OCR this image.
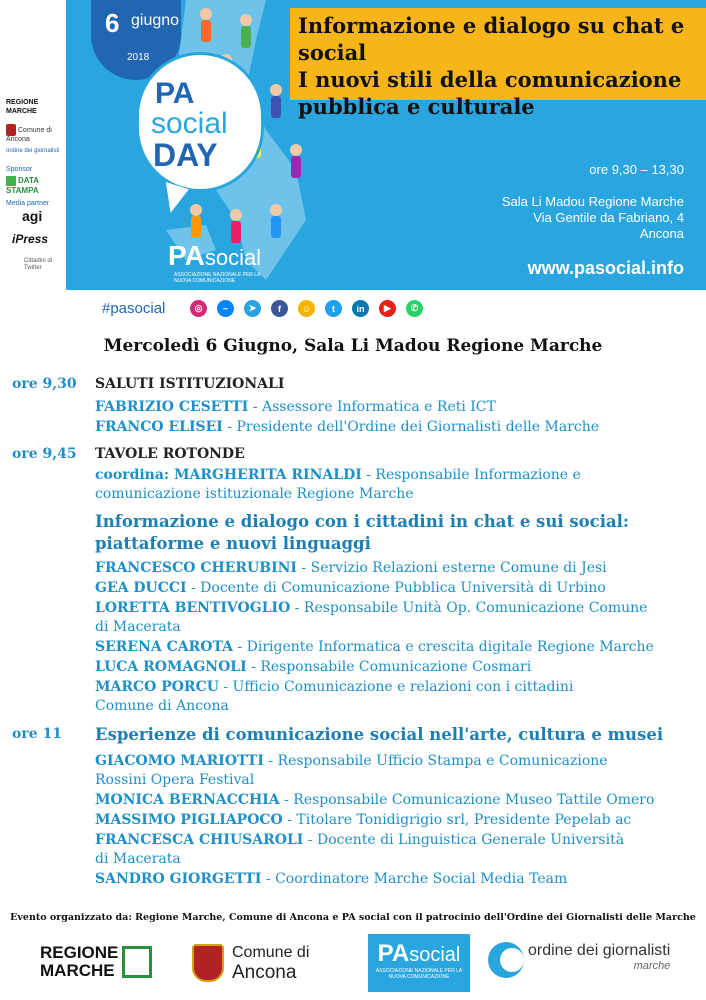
6 giugno
2018
PA
social
DAY
Informazione e dialogo su chat e social
I nuovi stili della comunicazione
pubblica e culturale
PAsocial
ASSOCIAZIONE NAZIONALE PER LA NUOVA COMUNICAZIONE
ore 9,30 – 13,30
Sala Li Madou Regione Marche
Via Gentile da Fabriano, 4
Ancona
www.pasocial.info
REGIONE MARCHE
Comune di Ancona
ordine dei giornalisti
Sponsor
DATA STAMPA
Media partner
agi
iPress
Cittadini di Twitter
#pasocial	◎	~	➤	f	☺	t	in	▶	✆
Mercoledì 6 Giugno, Sala Li Madou Regione Marche
ore 9,30 SALUTI ISTITUZIONALI
FABRIZIO CESETTI - Assessore Informatica e Reti ICT
FRANCO ELISEI - Presidente dell'Ordine dei Giornalisti delle Marche
ore 9,45 TAVOLE ROTONDE
coordina: MARGHERITA RINALDI - Responsabile Informazione e
comunicazione istituzionale Regione Marche
Informazione e dialogo con i cittadini in chat e sui social:
piattaforme e nuovi linguaggi
FRANCESCO CHERUBINI - Servizio Relazioni esterne Comune di Jesi
GEA DUCCI - Docente di Comunicazione Pubblica Università di Urbino
LORETTA BENTIVOGLIO - Responsabile Unità Op. Comunicazione Comune
di Macerata
SERENA CAROTA - Dirigente Informatica e crescita digitale Regione Marche
LUCA ROMAGNOLI - Responsabile Comunicazione Cosmari
MARCO PORCU - Ufficio Comunicazione e relazioni con i cittadini
Comune di Ancona
ore 11 Esperienze di comunicazione social nell'arte, cultura e musei
GIACOMO MARIOTTI - Responsabile Ufficio Stampa e Comunicazione
Rossini Opera Festival
MONICA BERNACCHIA - Responsabile Comunicazione Museo Tattile Omero
MASSIMO PIGLIAPOCO - Titolare Tonidigrigio srl, Presidente Pepelab ac
FRANCESCA CHIUSAROLI - Docente di Linguistica Generale Università
di Macerata
SANDRO GIORGETTI - Coordinatore Marche Social Media Team
Evento organizzato da: Regione Marche, Comune di Ancona e PA social con il patrocinio dell'Ordine dei Giornalisti delle Marche
REGIONE
MARCHE
Comune di
Ancona
PAsocial
ASSOCIAZIONE NAZIONALE PER LA NUOVA COMUNICAZIONE
ordine dei giornalisti
marche
